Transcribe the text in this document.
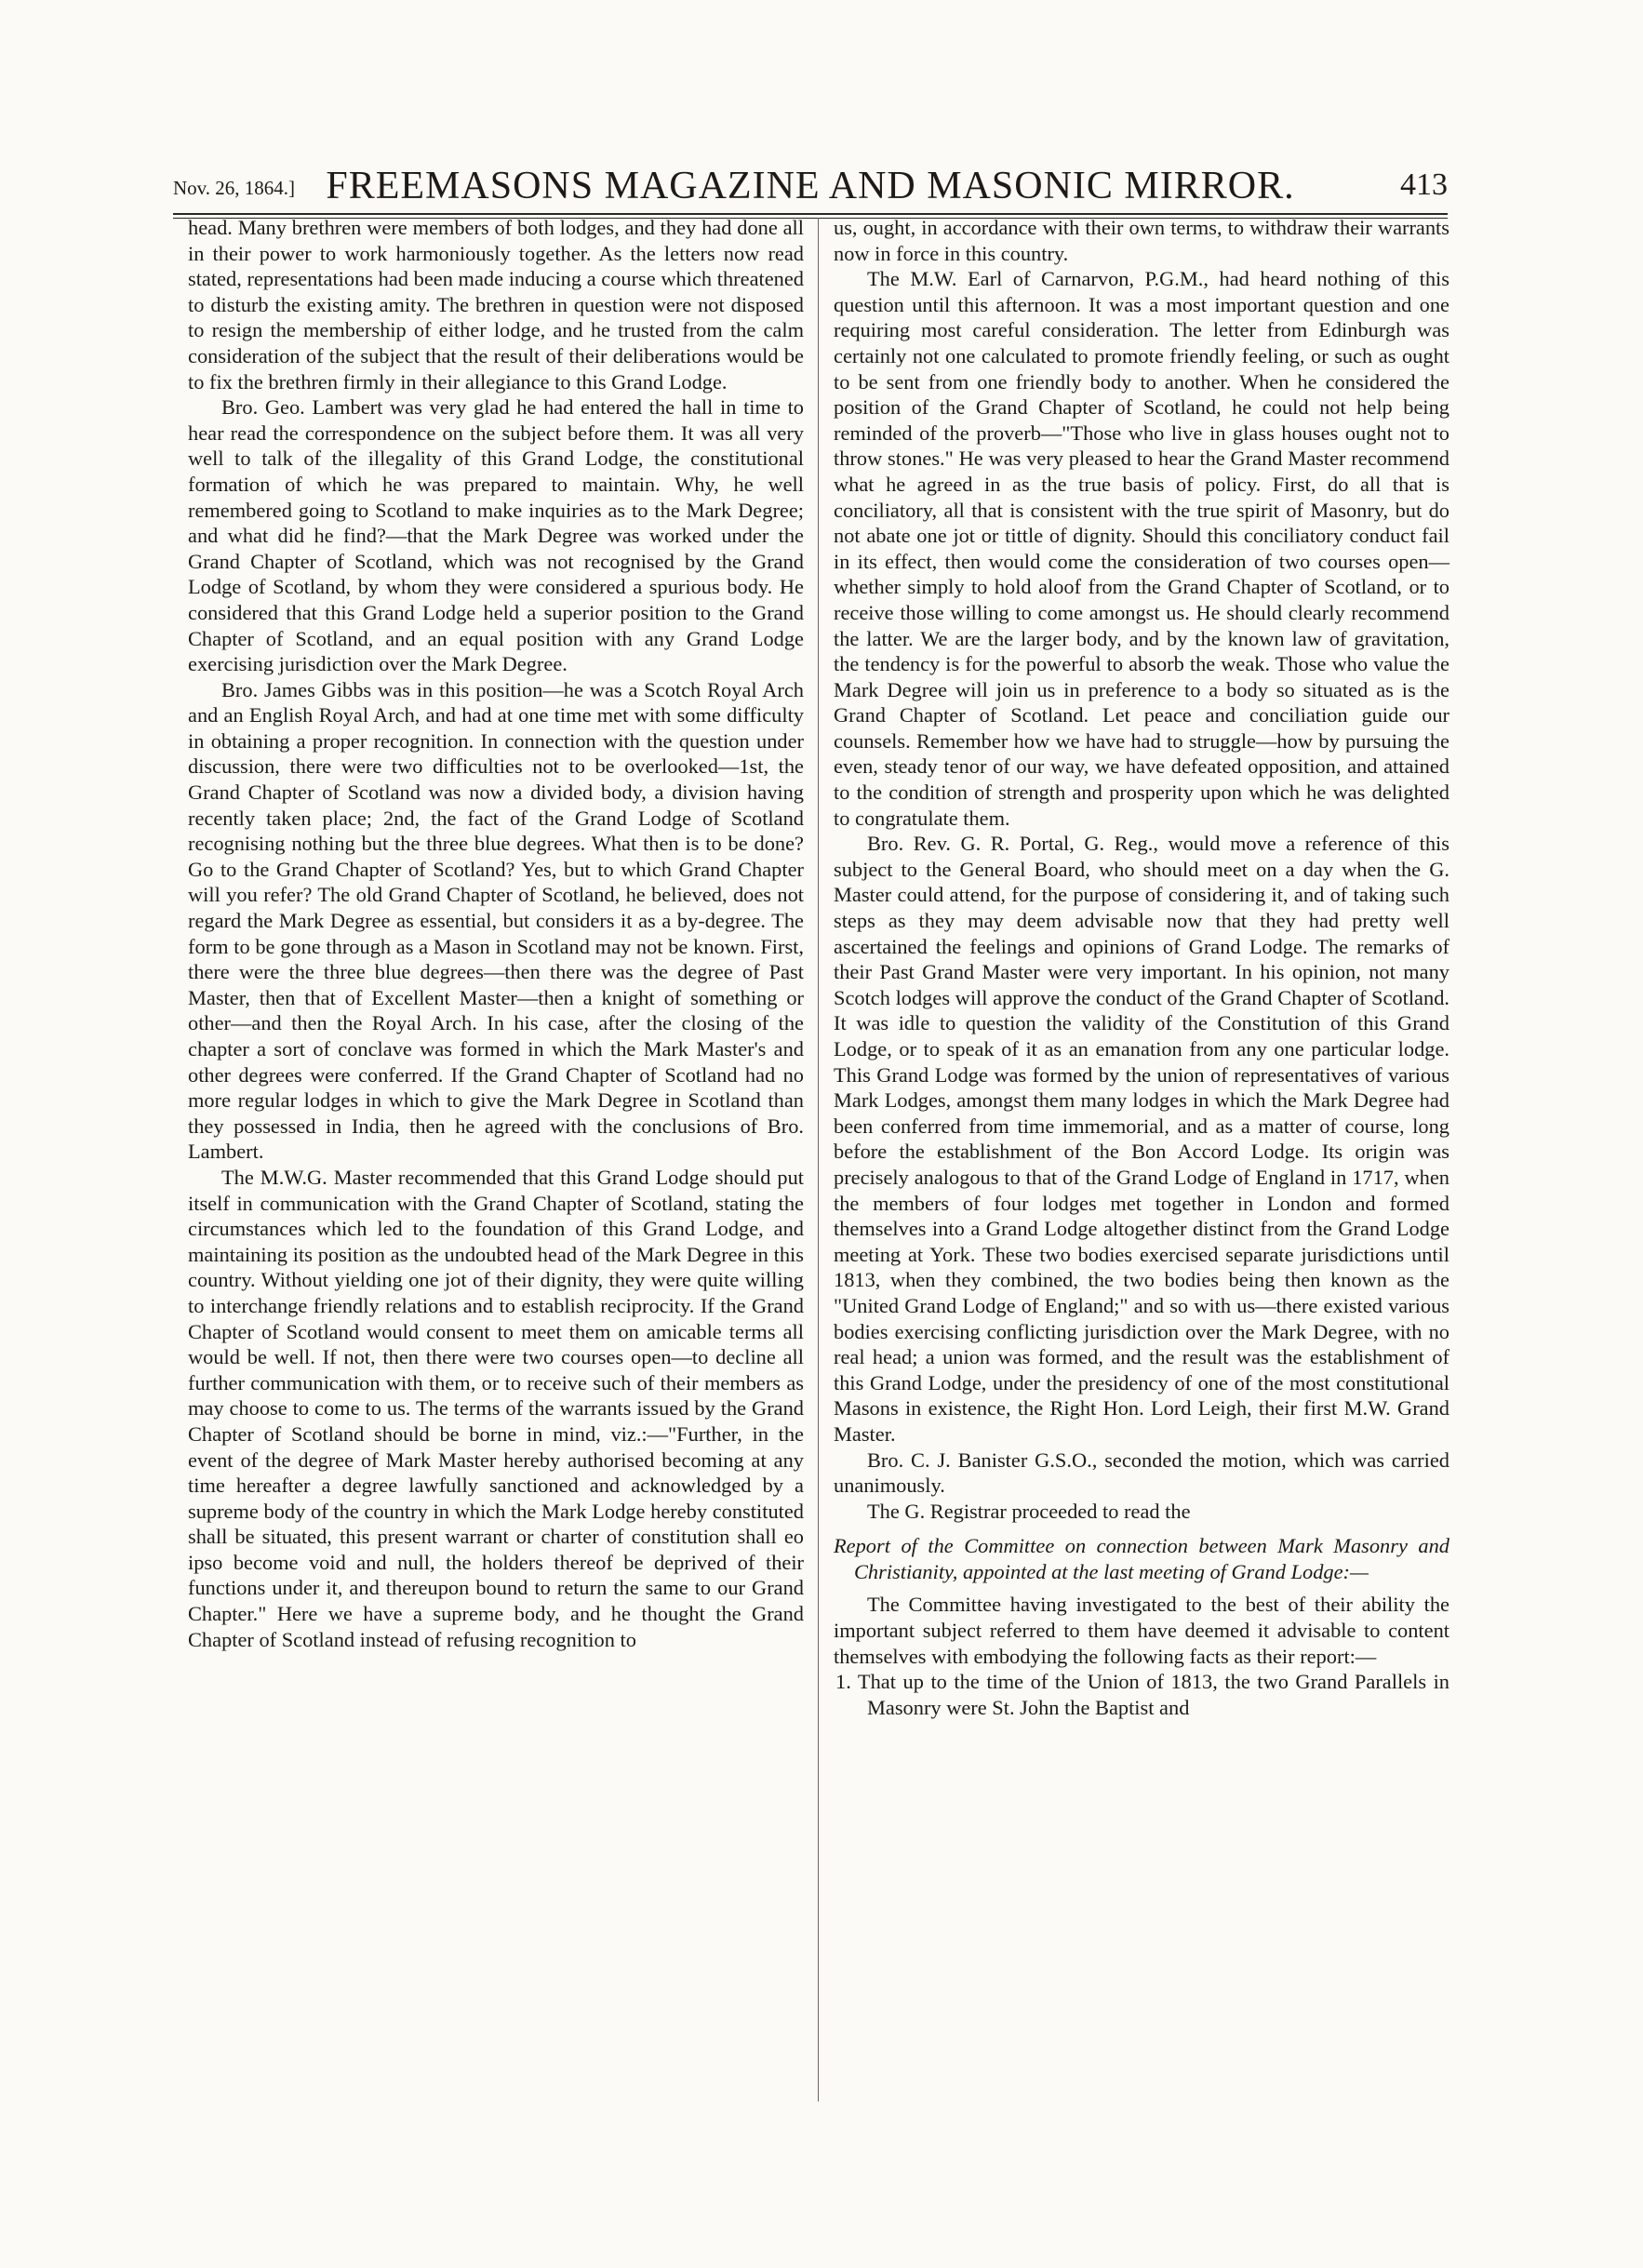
Nov. 26, 1864.] FREEMASONS MAGAZINE AND MASONIC MIRROR.	413

head. Many brethren were members of both lodges, and they had done all in their power to work harmoniously together. As the letters now read stated, representations had been made inducing a course which threatened to disturb the existing amity. The brethren in question were not disposed to resign the membership of either lodge, and he trusted from the calm consideration of the subject that the result of their deliberations would be to fix the brethren firmly in their allegiance to this Grand Lodge.

Bro. Geo. Lambert was very glad he had entered the hall in time to hear read the correspondence on the subject before them. It was all very well to talk of the illegality of this Grand Lodge, the constitutional formation of which he was prepared to maintain. Why, he well remembered going to Scotland to make inquiries as to the Mark Degree; and what did he find?—that the Mark Degree was worked under the Grand Chapter of Scotland, which was not recognised by the Grand Lodge of Scotland, by whom they were considered a spurious body. He considered that this Grand Lodge held a superior position to the Grand Chapter of Scotland, and an equal position with any Grand Lodge exercising jurisdiction over the Mark Degree.

Bro. James Gibbs was in this position—he was a Scotch Royal Arch and an English Royal Arch, and had at one time met with some difficulty in obtaining a proper recognition. In connection with the question under discussion, there were two difficulties not to be overlooked—1st, the Grand Chapter of Scotland was now a divided body, a division having recently taken place; 2nd, the fact of the Grand Lodge of Scotland recognising nothing but the three blue degrees. What then is to be done? Go to the Grand Chapter of Scotland? Yes, but to which Grand Chapter will you refer? The old Grand Chapter of Scotland, he believed, does not regard the Mark Degree as essential, but considers it as a by-degree. The form to be gone through as a Mason in Scotland may not be known. First, there were the three blue degrees—then there was the degree of Past Master, then that of Excellent Master—then a knight of something or other—and then the Royal Arch. In his case, after the closing of the chapter a sort of conclave was formed in which the Mark Master's and other degrees were conferred. If the Grand Chapter of Scotland had no more regular lodges in which to give the Mark Degree in Scotland than they possessed in India, then he agreed with the conclusions of Bro. Lambert.

The M.W.G. Master recommended that this Grand Lodge should put itself in communication with the Grand Chapter of Scotland, stating the circumstances which led to the foundation of this Grand Lodge, and maintaining its position as the undoubted head of the Mark Degree in this country. Without yielding one jot of their dignity, they were quite willing to interchange friendly relations and to establish reciprocity. If the Grand Chapter of Scotland would consent to meet them on amicable terms all would be well. If not, then there were two courses open—to decline all further communication with them, or to receive such of their members as may choose to come to us. The terms of the warrants issued by the Grand Chapter of Scotland should be borne in mind, viz.:—"Further, in the event of the degree of Mark Master hereby authorised becoming at any time hereafter a degree lawfully sanctioned and acknowledged by a supreme body of the country in which the Mark Lodge hereby constituted shall be situated, this present warrant or charter of constitution shall eo ipso become void and null, the holders thereof be deprived of their functions under it, and thereupon bound to return the same to our Grand Chapter." Here we have a supreme body, and he thought the Grand Chapter of Scotland instead of refusing recognition to

us, ought, in accordance with their own terms, to withdraw their warrants now in force in this country.

The M.W. Earl of Carnarvon, P.G.M., had heard nothing of this question until this afternoon. It was a most important question and one requiring most careful consideration. The letter from Edinburgh was certainly not one calculated to promote friendly feeling, or such as ought to be sent from one friendly body to another. When he considered the position of the Grand Chapter of Scotland, he could not help being reminded of the proverb—"Those who live in glass houses ought not to throw stones." He was very pleased to hear the Grand Master recommend what he agreed in as the true basis of policy. First, do all that is conciliatory, all that is consistent with the true spirit of Masonry, but do not abate one jot or tittle of dignity. Should this conciliatory conduct fail in its effect, then would come the consideration of two courses open—whether simply to hold aloof from the Grand Chapter of Scotland, or to receive those willing to come amongst us. He should clearly recommend the latter. We are the larger body, and by the known law of gravitation, the tendency is for the powerful to absorb the weak. Those who value the Mark Degree will join us in preference to a body so situated as is the Grand Chapter of Scotland. Let peace and conciliation guide our counsels. Remember how we have had to struggle—how by pursuing the even, steady tenor of our way, we have defeated opposition, and attained to the condition of strength and prosperity upon which he was delighted to congratulate them.

Bro. Rev. G. R. Portal, G. Reg., would move a reference of this subject to the General Board, who should meet on a day when the G. Master could attend, for the purpose of considering it, and of taking such steps as they may deem advisable now that they had pretty well ascertained the feelings and opinions of Grand Lodge. The remarks of their Past Grand Master were very important. In his opinion, not many Scotch lodges will approve the conduct of the Grand Chapter of Scotland. It was idle to question the validity of the Constitution of this Grand Lodge, or to speak of it as an emanation from any one particular lodge. This Grand Lodge was formed by the union of representatives of various Mark Lodges, amongst them many lodges in which the Mark Degree had been conferred from time immemorial, and as a matter of course, long before the establishment of the Bon Accord Lodge. Its origin was precisely analogous to that of the Grand Lodge of England in 1717, when the members of four lodges met together in London and formed themselves into a Grand Lodge altogether distinct from the Grand Lodge meeting at York. These two bodies exercised separate jurisdictions until 1813, when they combined, the two bodies being then known as the "United Grand Lodge of England;" and so with us—there existed various bodies exercising conflicting jurisdiction over the Mark Degree, with no real head; a union was formed, and the result was the establishment of this Grand Lodge, under the presidency of one of the most constitutional Masons in existence, the Right Hon. Lord Leigh, their first M.W. Grand Master.

Bro. C. J. Banister G.S.O., seconded the motion, which was carried unanimously.

The G. Registrar proceeded to read the

Report of the Committee on connection between Mark Masonry and Christianity, appointed at the last meeting of Grand Lodge:—

The Committee having investigated to the best of their ability the important subject referred to them have deemed it advisable to content themselves with embodying the following facts as their report:—

1. That up to the time of the Union of 1813, the two Grand Parallels in Masonry were St. John the Baptist and
